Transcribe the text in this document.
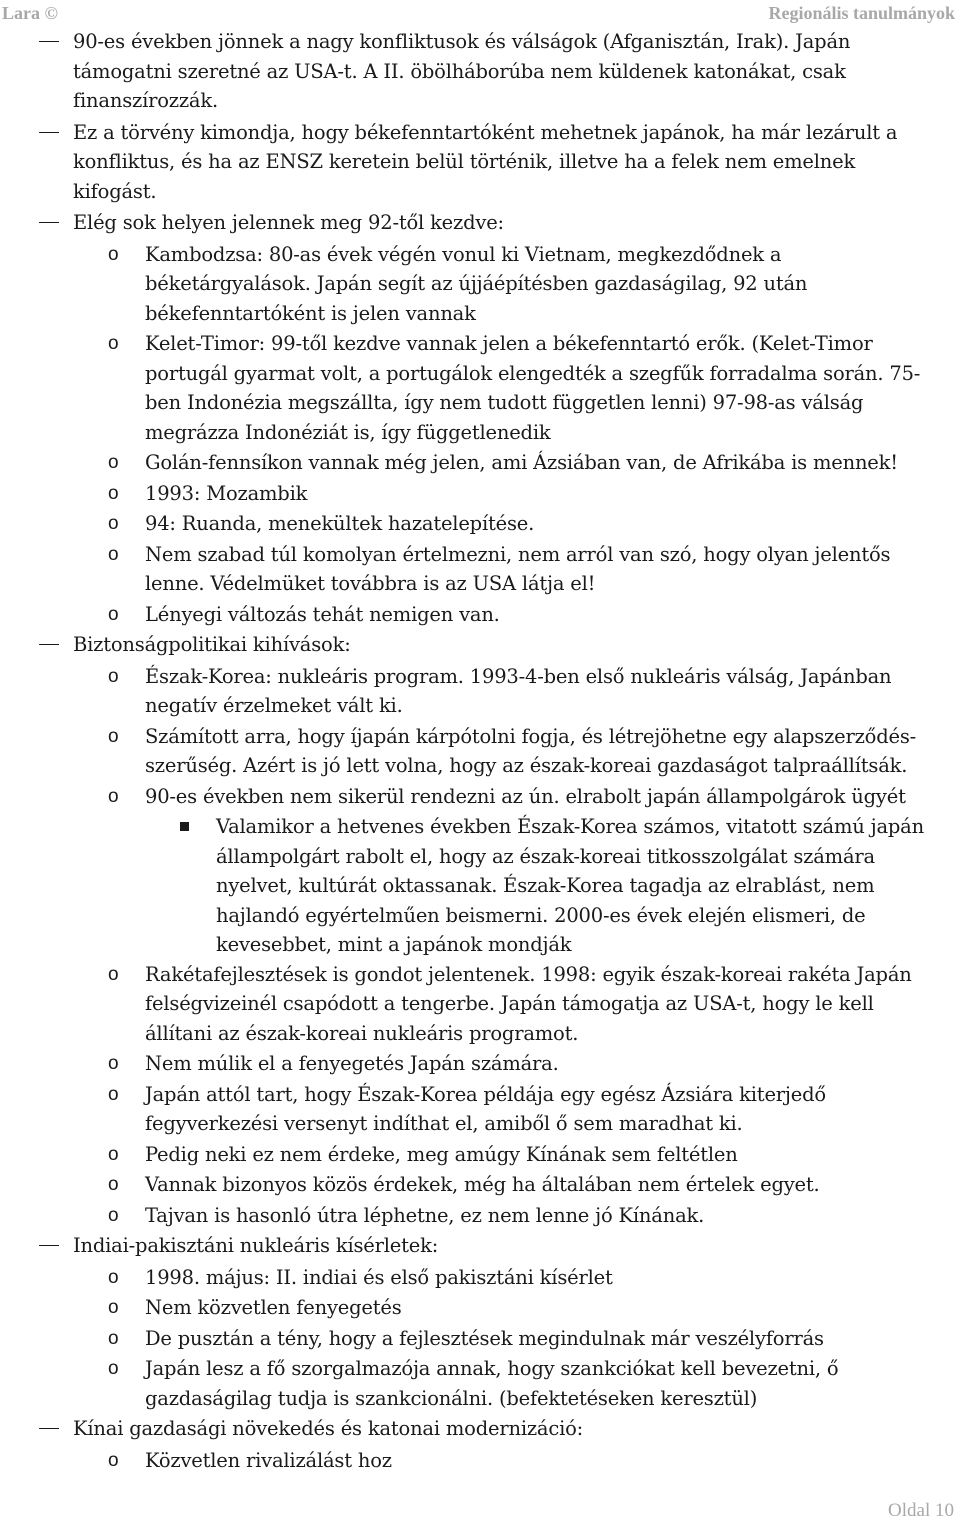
Lara ©	Regionális tanulmányok
90-es években jönnek a nagy konfliktusok és válságok (Afganisztán, Irak). Japán támogatni szeretné az USA-t. A II. öbölháborúba nem küldenek katonákat, csak finanszírozzák.
Ez a törvény kimondja, hogy békefenntartóként mehetnek japánok, ha már lezárult a konfliktus, és ha az ENSZ keretein belül történik, illetve ha a felek nem emelnek kifogást.
Elég sok helyen jelennek meg 92-től kezdve:
o Kambodzsa: 80-as évek végén vonul ki Vietnam, megkezdődnek a béketárgyalások. Japán segít az újjáépítésben gazdaságilag, 92 után békefenntartóként is jelen vannak
o Kelet-Timor: 99-től kezdve vannak jelen a békefenntartó erők. (Kelet-Timor portugál gyarmat volt, a portugálok elengedték a szegfűk forradalma során. 75-ben Indonézia megszállta, így nem tudott független lenni) 97-98-as válság megrázza Indonéziát is, így függetlenedik
o Golán-fennsíkon vannak még jelen, ami Ázsiában van, de Afrikába is mennek!
o 1993: Mozambik
o 94: Ruanda, menekültek hazatelepítése.
o Nem szabad túl komolyan értelmezni, nem arról van szó, hogy olyan jelentős lenne. Védelmüket továbbra is az USA látja el!
o Lényegi változás tehát nemigen van.
Biztonságpolitikai kihívások:
o Észak-Korea: nukleáris program. 1993-4-ben első nukleáris válság, Japánban negatív érzelmeket vált ki.
o Számított arra, hogy íjapán kárpótolni fogja, és létrejöhetne egy alapszerződés-szerűség. Azért is jó lett volna, hogy az észak-koreai gazdaságot talpraállítsák.
o 90-es években nem sikerül rendezni az ún. elrabolt japán állampolgárok ügyét
Valamikor a hetvenes években Észak-Korea számos, vitatott számú japán állampolgárt rabolt el, hogy az észak-koreai titkosszolgálat számára nyelvet, kultúrát oktassanak. Észak-Korea tagadja az elrablást, nem hajlandó egyértelműen beismerni. 2000-es évek elején elismeri, de kevesebbet, mint a japánok mondják
o Rakétafejlesztések is gondot jelentenek. 1998: egyik észak-koreai rakéta Japán felségvizeinél csapódott a tengerbe. Japán támogatja az USA-t, hogy le kell állítani az észak-koreai nukleáris programot.
o Nem múlik el a fenyegetés Japán számára.
o Japán attól tart, hogy Észak-Korea példája egy egész Ázsiára kiterjedő fegyverkezési versenyt indíthat el, amiből ő sem maradhat ki.
o Pedig neki ez nem érdeke, meg amúgy Kínának sem feltétlen
o Vannak bizonyos közös érdekek, még ha általában nem értelek egyet.
o Tajvan is hasonló útra léphetne, ez nem lenne jó Kínának.
Indiai-pakisztáni nukleáris kísérletek:
o 1998. május: II. indiai és első pakisztáni kísérlet
o Nem közvetlen fenyegetés
o De pusztán a tény, hogy a fejlesztések megindulnak már veszélyforrás
o Japán lesz a fő szorgalmazója annak, hogy szankciókat kell bevezetni, ő gazdaságilag tudja is szankcionálni. (befektetéseken keresztül)
Kínai gazdasági növekedés és katonai modernizáció:
o Közvetlen rivalizálást hoz
Oldal 10
